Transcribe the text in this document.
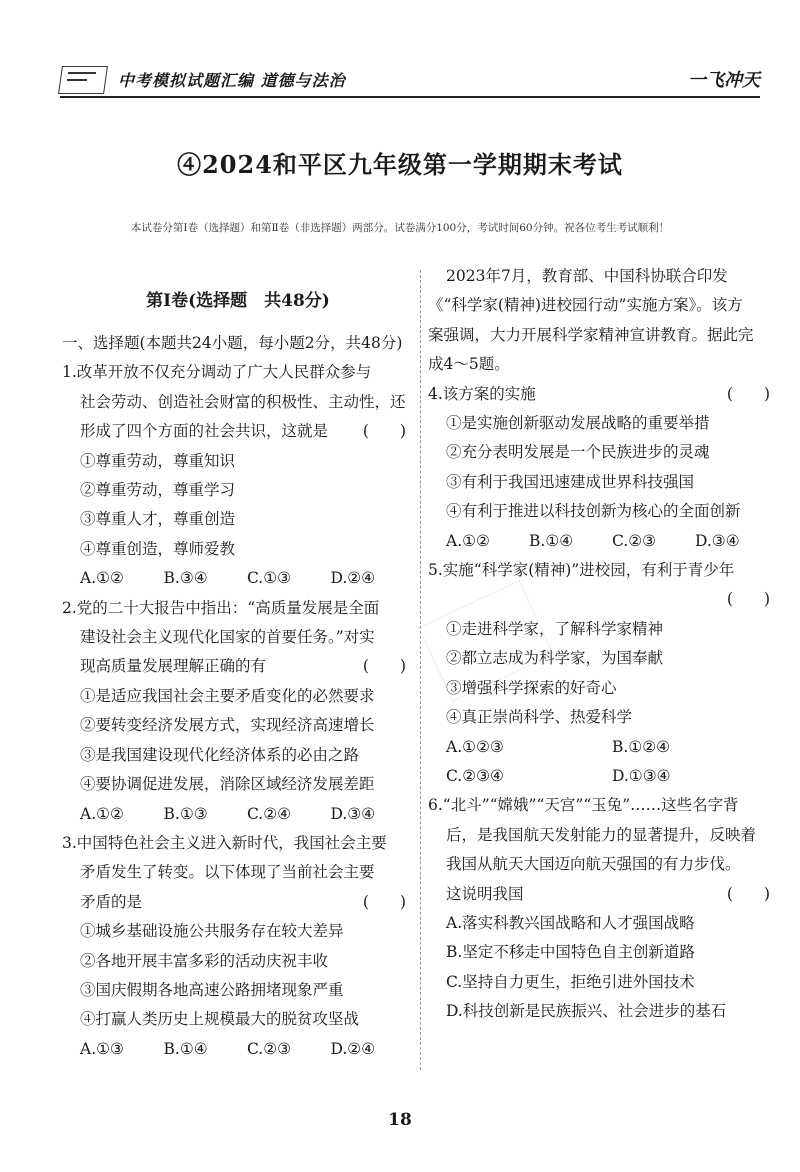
中考模拟试题汇编 道德与法治	一飞冲天
④2024和平区九年级第一学期期末考试
本试卷分第Ⅰ卷（选择题）和第Ⅱ卷（非选择题）两部分。试卷满分100分，考试时间60分钟。祝各位考生考试顺利！
第Ⅰ卷(选择题　共48分)
一、选择题(本题共24小题，每小题2分，共48分)
1.改革开放不仅充分调动了广大人民群众参与
社会劳动、创造社会财富的积极性、主动性，还
形成了四个方面的社会共识，这就是 (　　)
①尊重劳动，尊重知识
②尊重劳动，尊重学习
③尊重人才，尊重创造
④尊重创造，尊师爱教
A.①②	B.③④	C.①③	D.②④
2.党的二十大报告中指出：“高质量发展是全面
建设社会主义现代化国家的首要任务。”对实
现高质量发展理解正确的有	(　　)
①是适应我国社会主要矛盾变化的必然要求
②要转变经济发展方式，实现经济高速增长
③是我国建设现代化经济体系的必由之路
④要协调促进发展，消除区域经济发展差距
A.①②	B.①③	C.②④	D.③④
3.中国特色社会主义进入新时代，我国社会主要
矛盾发生了转变。以下体现了当前社会主要
矛盾的是	(　　)
①城乡基础设施公共服务存在较大差异
②各地开展丰富多彩的活动庆祝丰收
③国庆假期各地高速公路拥堵现象严重
④打赢人类历史上规模最大的脱贫攻坚战
A.①③	B.①④	C.②③	D.②④
2023年7月，教育部、中国科协联合印发
《“科学家(精神)进校园行动”实施方案》。该方
案强调，大力开展科学家精神宣讲教育。据此完
成4～5题。
4.该方案的实施	(　　)
①是实施创新驱动发展战略的重要举措
②充分表明发展是一个民族进步的灵魂
③有利于我国迅速建成世界科技强国
④有利于推进以科技创新为核心的全面创新
A.①②	B.①④	C.②③	D.③④
5.实施“科学家(精神)”进校园，有利于青少年
(　　)

①走进科学家，了解科学家精神
②都立志成为科学家，为国奉献
③增强科学探索的好奇心
④真正崇尚科学、热爱科学
A.①②③	B.①②④
C.②③④	D.①③④
6.“北斗”“嫦娥”“天宫”“玉兔”……这些名字背
后，是我国航天发射能力的显著提升，反映着
我国从航天大国迈向航天强国的有力步伐。
这说明我国	(　　)
A.落实科教兴国战略和人才强国战略
B.坚定不移走中国特色自主创新道路
C.坚持自力更生，拒绝引进外国技术
D.科技创新是民族振兴、社会进步的基石
18
